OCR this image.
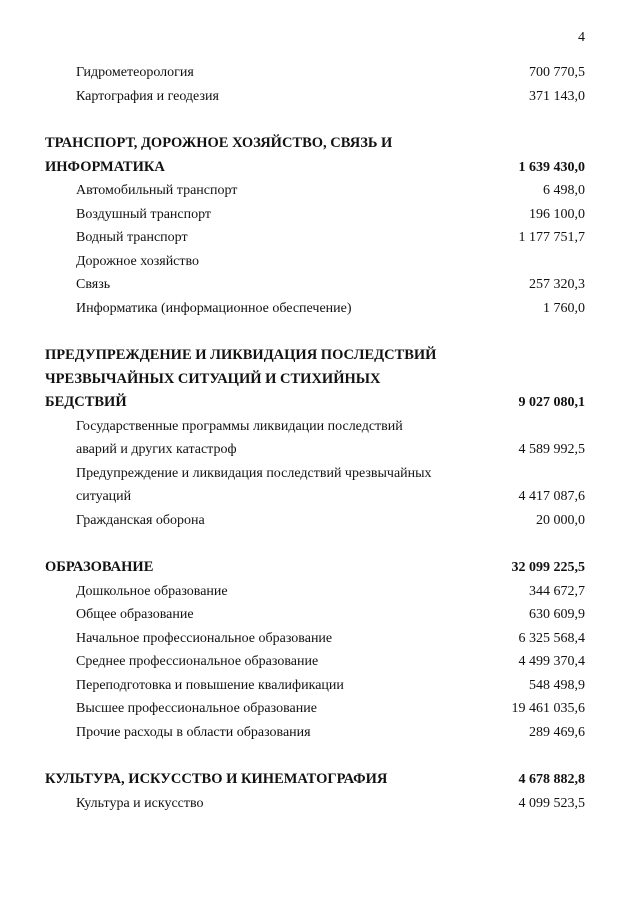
4
Гидрометеорология	700 770,5
Картография и геодезия	371 143,0
ТРАНСПОРТ, ДОРОЖНОЕ ХОЗЯЙСТВО, СВЯЗЬ И
ИНФОРМАТИКА	1 639 430,0
Автомобильный транспорт	6 498,0
Воздушный транспорт	196 100,0
Водный транспорт	1 177 751,7
Дорожное хозяйство
Связь	257 320,3
Информатика (информационное обеспечение)	1 760,0
ПРЕДУПРЕЖДЕНИЕ И ЛИКВИДАЦИЯ ПОСЛЕДСТВИЙ
ЧРЕЗВЫЧАЙНЫХ СИТУАЦИЙ И СТИХИЙНЫХ
БЕДСТВИЙ	9 027 080,1
Государственные программы ликвидации последствий
аварий и других катастроф	4 589 992,5
Предупреждение и ликвидация последствий чрезвычайных
ситуаций	4 417 087,6
Гражданская оборона	20 000,0
ОБРАЗОВАНИЕ	32 099 225,5
Дошкольное образование	344 672,7
Общее образование	630 609,9
Начальное профессиональное образование	6 325 568,4
Среднее профессиональное образование	4 499 370,4
Переподготовка и повышение квалификации	548 498,9
Высшее профессиональное образование	19 461 035,6
Прочие расходы в области образования	289 469,6
КУЛЬТУРА, ИСКУССТВО И КИНЕМАТОГРАФИЯ	4 678 882,8
Культура и искусство	4 099 523,5
